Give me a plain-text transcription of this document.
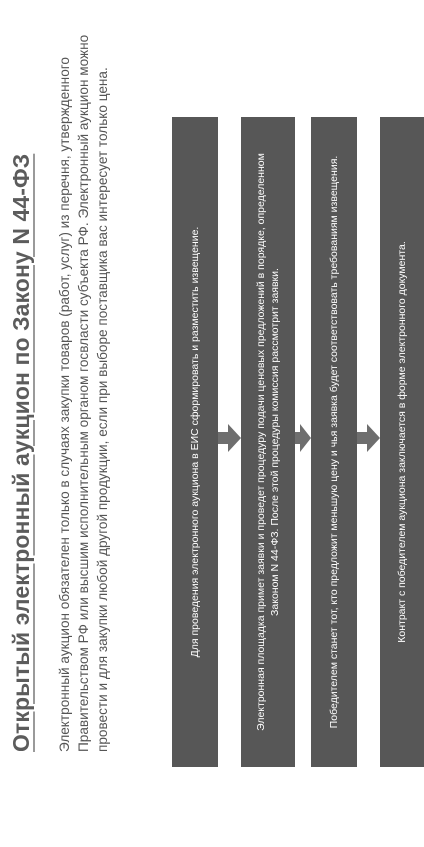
Открытый электронный аукцион по Закону N 44-ФЗ Электронный аукцион обязателен только в случаях закупки товаров (работ, услуг) из перечня, утвержденного Правительством РФ или высшим исполнительным органом госвласти субъекта РФ. Электронный аукцион можно провести и для закупки любой другой продукции, если при выборе поставщика вас интересует только цена.	Для проведения электронного аукциона в ЕИС сформировать и разместить извещение.	Электронная площадка примет заявки и проведет процедуру подачи ценовых предложений в порядке, определенном Законом N 44-ФЗ. После этой процедуры комиссия рассмотрит заявки.	Победителем станет тот, кто предложит меньшую цену и чья заявка будет соответствовать требованиям извещения.	Контракт с победителем аукциона заключается в форме электронного документа.
